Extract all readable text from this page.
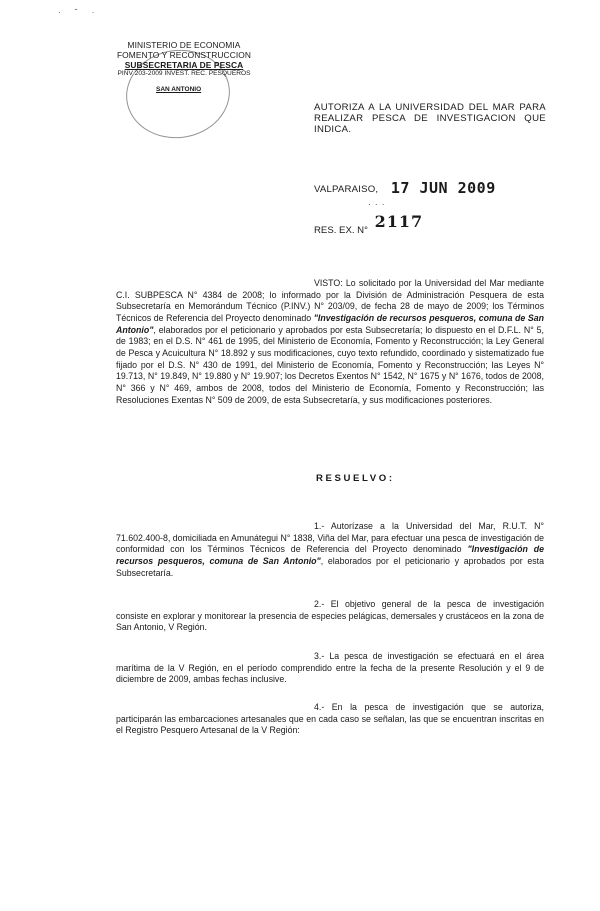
· ˘ ·
MINISTERIO DE ECONOMIA
FOMENTO Y RECONSTRUCCION
SUBSECRETARIA DE PESCA
PINV 203-2009 INVEST. REC. PESQUEROS
SAN ANTONIO
AUTORIZA A LA UNIVERSIDAD DEL MAR PARA REALIZAR PESCA DE INVESTIGACION QUE INDICA.
VALPARAISO, 17 JUN 2009
· · ·
RES. EX. N° 2117
VISTO: Lo solicitado por la Universidad del Mar mediante C.I. SUBPESCA N° 4384 de 2008; lo informado por la División de Administración Pesquera de esta Subsecretaría en Memorándum Técnico (P.INV.) N° 203/09, de fecha 28 de mayo de 2009; los Términos Técnicos de Referencia del Proyecto denominado "Investigación de recursos pesqueros, comuna de San Antonio", elaborados por el peticionario y aprobados por esta Subsecretaría; lo dispuesto en el D.F.L. N° 5, de 1983; en el D.S. N° 461 de 1995, del Ministerio de Economía, Fomento y Reconstrucción; la Ley General de Pesca y Acuicultura N° 18.892 y sus modificaciones, cuyo texto refundido, coordinado y sistematizado fue fijado por el D.S. N° 430 de 1991, del Ministerio de Economía, Fomento y Reconstrucción; las Leyes N° 19.713, N° 19.849, N° 19.880 y N° 19.907; los Decretos Exentos N° 1542, N° 1675 y N° 1676, todos de 2008, N° 366 y N° 469, ambos de 2008, todos del Ministerio de Economía, Fomento y Reconstrucción; las Resoluciones Exentas N° 509 de 2009, de esta Subsecretaría, y sus modificaciones posteriores.
RESUELVO:
1.- Autorízase a la Universidad del Mar, R.U.T. N° 71.602.400-8, domiciliada en Amunátegui N° 1838, Viña del Mar, para efectuar una pesca de investigación de conformidad con los Términos Técnicos de Referencia del Proyecto denominado "Investigación de recursos pesqueros, comuna de San Antonio", elaborados por el peticionario y aprobados por esta Subsecretaría.
2.- El objetivo general de la pesca de investigación consiste en explorar y monitorear la presencia de especies pelágicas, demersales y crustáceos en la zona de San Antonio, V Región.
3.- La pesca de investigación se efectuará en el área marítima de la V Región, en el período comprendido entre la fecha de la presente Resolución y el 9 de diciembre de 2009, ambas fechas inclusive.
4.- En la pesca de investigación que se autoriza, participarán las embarcaciones artesanales que en cada caso se señalan, las que se encuentran inscritas en el Registro Pesquero Artesanal de la V Región:
